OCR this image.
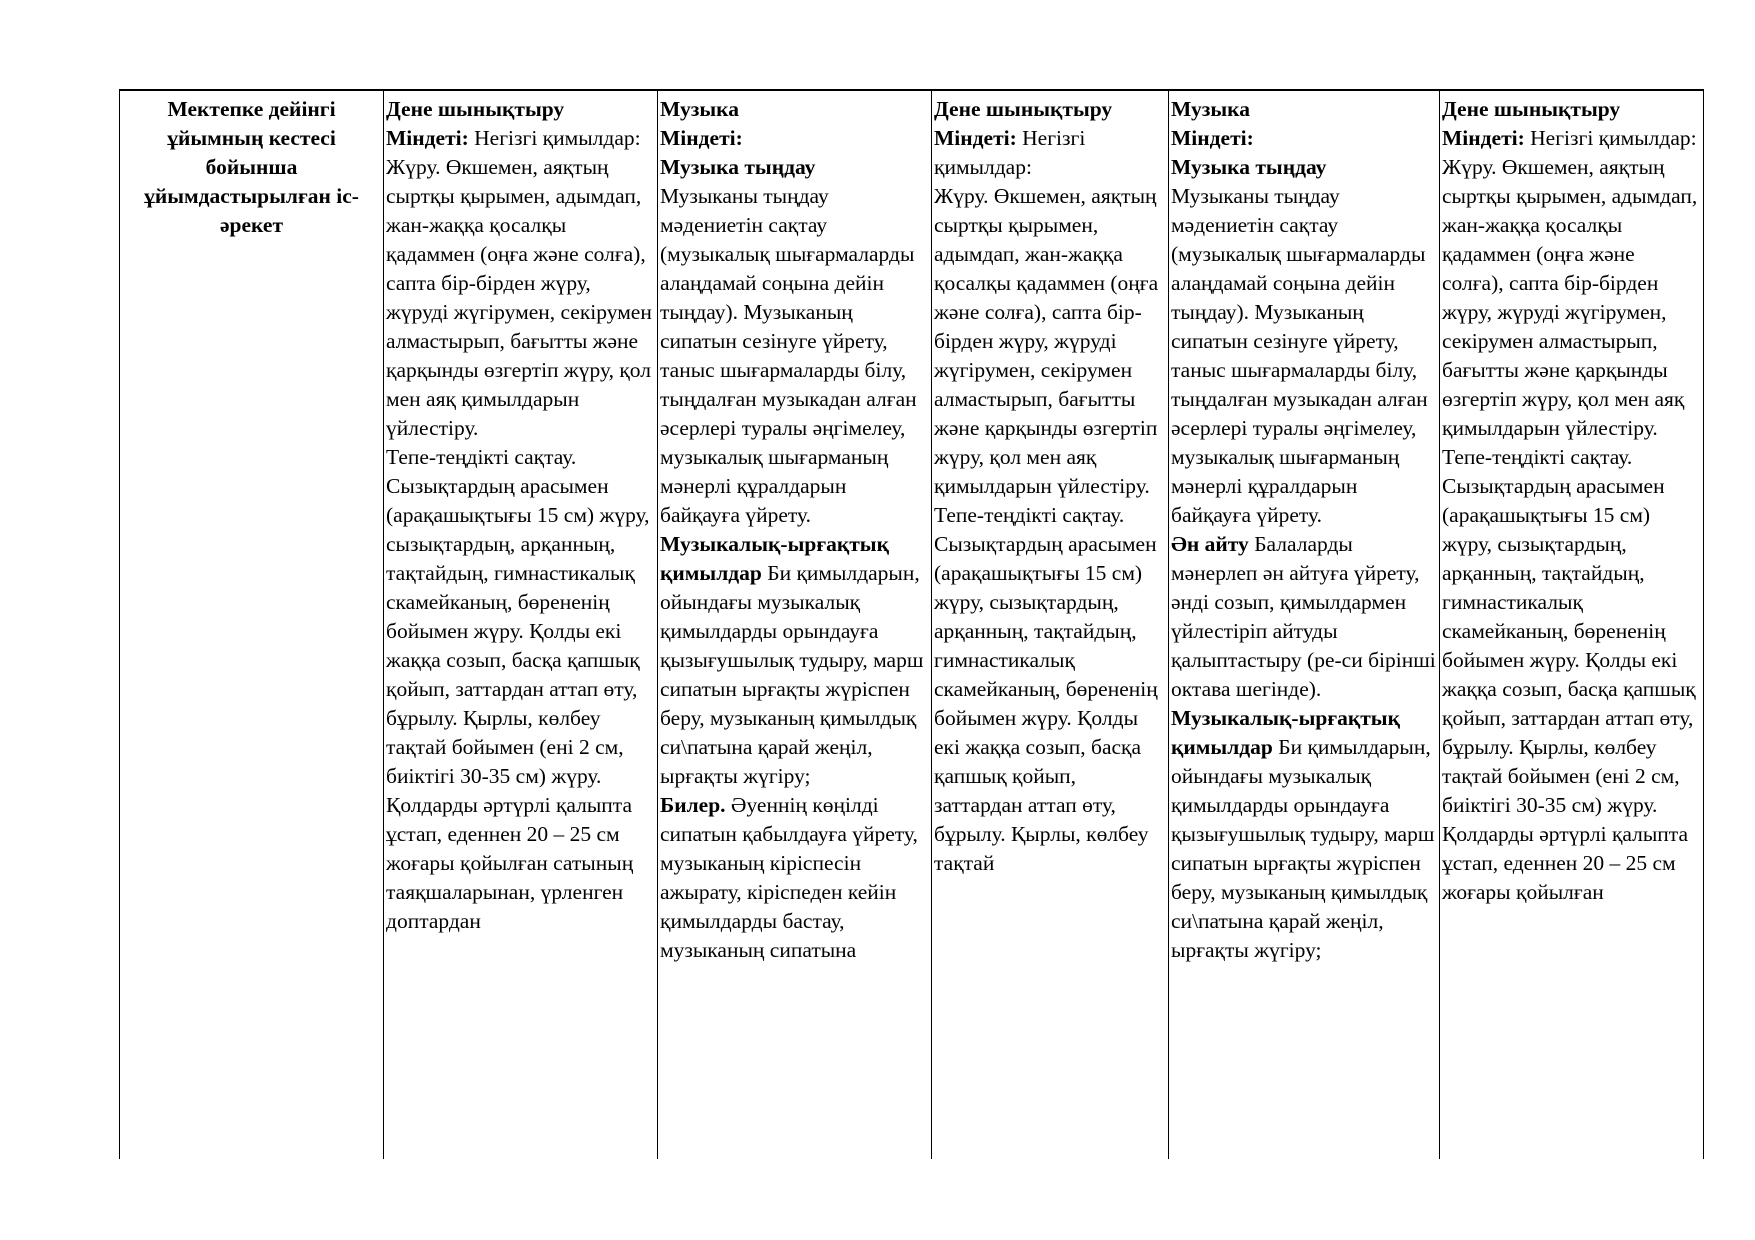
Мектепке дейінгі ұйымның кестесі бойынша ұйымдастырылған іс-әрекет	
Дене шынықтыру
Міндеті: Негізгі қимылдар:
Жүру. Өкшемен, аяқтың сыртқы қырымен, адымдап, жан-жаққа қосалқы қадаммен (оңға және солға), сапта бір-бірден жүру, жүруді жүгірумен, секірумен алмастырып, бағытты және қарқынды өзгертіп жүру, қол мен аяқ қимылдарын үйлестіру.
Тепе-теңдікті сақтау. Сызықтардың арасымен (арақашықтығы 15 см) жүру, сызықтардың, арқанның, тақтайдың, гимнастикалық скамейканың, бөрененің бойымен жүру. Қолды екі жаққа созып, басқа қапшық қойып, заттардан аттап өту, бұрылу. Қырлы, көлбеу тақтай бойымен (ені 2 см, биіктігі 30-35 см) жүру. Қолдарды әртүрлі қалыпта ұстап, еденнен 20 – 25 см жоғары қойылған сатының таяқшаларынан, үрленген доптардан

Музыка
Міндеті:
Музыка тыңдау
Музыканы тыңдау мәдениетін сақтау (музыкалық шығармаларды алаңдамай соңына дейін тыңдау). Музыканың сипатын сезінуге үйрету, таныс шығармаларды білу, тыңдалған музыкадан алған әсерлері туралы әңгімелеу, музыкалық шығарманың мәнерлі құралдарын байқауға үйрету.
Музыкалық-ырғақтық қимылдар Би қимылдарын, ойындағы музыкалық қимылдарды орындауға қызығушылық тудыру, марш сипатын ырғақты жүріспен беру, музыканың қимылдық си\патына қарай жеңіл, ырғақты жүгіру;
Билер. Әуеннің көңілді сипатын қабылдауға үйрету, музыканың кіріспесін ажырату, кіріспеден кейін қимылдарды бастау, музыканың сипатына

Дене шынықтыру
Міндеті: Негізгі қимылдар:
Жүру. Өкшемен, аяқтың сыртқы қырымен, адымдап, жан-жаққа қосалқы қадаммен (оңға және солға), сапта бір-бірден жүру, жүруді жүгірумен, секірумен алмастырып, бағытты және қарқынды өзгертіп жүру, қол мен аяқ қимылдарын үйлестіру.
Тепе-теңдікті сақтау. Сызықтардың арасымен (арақашықтығы 15 см) жүру, сызықтардың, арқанның, тақтайдың, гимнастикалық скамейканың, бөрененің бойымен жүру. Қолды екі жаққа созып, басқа қапшық қойып, заттардан аттап өту, бұрылу. Қырлы, көлбеу тақтай

Музыка
Міндеті:
Музыка тыңдау
Музыканы тыңдау мәдениетін сақтау (музыкалық шығармаларды алаңдамай соңына дейін тыңдау). Музыканың сипатын сезінуге үйрету, таныс шығармаларды білу, тыңдалған музыкадан алған әсерлері туралы әңгімелеу, музыкалық шығарманың мәнерлі құралдарын байқауға үйрету.
Ән айту Балаларды мәнерлеп ән айтуға үйрету, әнді созып, қимылдармен үйлестіріп айтуды қалыптастыру (ре-си бірінші октава шегінде).
Музыкалық-ырғақтық қимылдар Би қимылдарын, ойындағы музыкалық қимылдарды орындауға қызығушылық тудыру, марш сипатын ырғақты жүріспен беру, музыканың қимылдық си\патына қарай жеңіл, ырғақты жүгіру;

Дене шынықтыру
Міндеті: Негізгі қимылдар:
Жүру. Өкшемен, аяқтың сыртқы қырымен, адымдап, жан-жаққа қосалқы қадаммен (оңға және солға), сапта бір-бірден жүру, жүруді жүгірумен, секірумен алмастырып, бағытты және қарқынды өзгертіп жүру, қол мен аяқ қимылдарын үйлестіру.
Тепе-теңдікті сақтау. Сызықтардың арасымен (арақашықтығы 15 см) жүру, сызықтардың, арқанның, тақтайдың, гимнастикалық скамейканың, бөрененің бойымен жүру. Қолды екі жаққа созып, басқа қапшық қойып, заттардан аттап өту, бұрылу. Қырлы, көлбеу тақтай бойымен (ені 2 см, биіктігі 30-35 см) жүру. Қолдарды әртүрлі қалыпта ұстап, еденнен 20 – 25 см жоғары қойылған
